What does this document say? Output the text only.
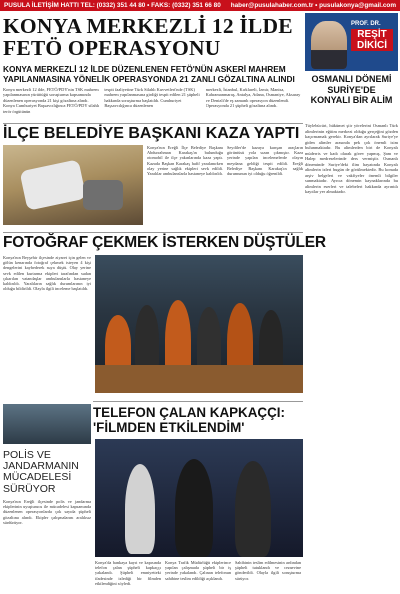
PUSULA İLETİŞİM HATTI TEL: (0332) 351 44 80 • FAKS: (0332) 351 66 80	haber@pusulahaber.com.tr • pusulakonya@gmail.com
KONYA MERKEZLİ 12 İLDE
FETÖ OPERASYONU
KONYA MERKEZLİ 12 İLDE DÜZENLENEN FETÖ'NÜN ASKERİ MAHREM
YAPILANMASINA YÖNELİK OPERASYONDA 21 ZANLI GÖZALTINA ALINDI
Konya merkezli 12 ilde, FETÖ/PDY'nin TSK mahrem yapılanmasının yürüttüğü soruşturma kapsamında düzenlenen operasyonda 21 kişi gözaltına alındı. Konya Cumhuriyet Başsavcılığınca FETÖ/PDY silahlı terör örgütünün
tespit faaliyetine Türk Silahlı Kuvvetleri'nde (TSK) mahrem yapılanmasına girdiği tespit edilen 21 şüpheli hakkında soruşturma başlatıldı. Cumhuriyet Başsavcılığınca düzenlenen
merkezli, İstanbul, Kırklareli, İzmir, Manisa, Kahramanmaraş, Antalya, Adana, Osmaniye, Aksaray ve Denizli'de eş zamanlı operasyon düzenlendi. Operasyonda 21 şüpheli gözaltına alındı.
İLÇE BELEDİYE BAŞKANI KAZA YAPTI
Konya'nın Ereğli İlçe Belediye Başkanı Abdurrahman Karakaş'ın bulunduğu otomobil ile ilçe yakınlarında kaza yaptı. Kazada Başkan Karakaş hafif yaralanırken olay yerine sağlık ekipleri sevk edildi. Yaralılar ambulanslarla hastaneye kaldırıldı.
Seydiler'de kazaya karışan araçların görüntüsü yola sızan çıkmıştır. Kaza yerinde yapılan incelemelerde olayın meydana geldiği tespit edildi. Ereğli Belediye Başkanı Karakaş'ın sağlık durumunun iyi olduğu öğrenildi.
FOTOĞRAF ÇEKMEK İSTERKEN DÜŞTÜLER
Konya'nın Beyşehir ilçesinde ziyaret için gelen ve gölün kenarında fotoğraf çekmek isteyen 4 kişi dengelerini kaybederek suya düştü. Olay yerine sevk edilen kurtarma ekipleri tarafından sudan çıkarılan vatandaşlar ambulanslarla hastaneye kaldırıldı. Yaralıların sağlık durumlarının iyi olduğu bildirildi. Olayla ilgili inceleme başlatıldı.
TELEFON ÇALAN KAPKAÇÇI:
'FİLMDEN ETKİLENDİM'
Konya'da bankaya kayıt ve kapısında telefon çalan şüpheli kapkaççı yakalandı. Şüpheli emniyetteki ifadesinde izlediği bir filmden etkilendiğini söyledi.
Konya Trafik Müdürlüğü ekiplerince yapılan çalışmada şüpheli bir iş yerinde yakalandı. Çalınan telefonun sahibine teslim edildiği açıklandı.
Sahibinin teslim edilmesinin ardından şüpheli tutuklandı ve cezaevine gönderildi. Olayla ilgili soruşturma sürüyor.
POLİS VE
JANDARMANIN
MÜCADELESİ
SÜRÜYOR
Konya'nın Ereğli ilçesinde polis ve jandarma ekiplerinin uyuşturucu ile mücadelesi kapsamında düzenlenen operasyonlarda çok sayıda şüpheli gözaltına alındı. Ekipler çalışmalarını aralıksız sürdürüyor.
PROF. DR.
REŞİT
DİKİCİ
OSMANLI DÖNEMİ
SURİYE'DE
KONYALI BİR ALİM
Tüylebücüri, hükümet şiir yörelerini Osmanlı Türk alimlerinin eğitim merkezi olduğu gerçeğini gözden kaçırmamak gerekir. Konya'dan ayrılarak Suriye'ye giden alimler arasında pek çok önemli isim bulunmaktadır. Bu alimlerden biri de Konyalı müderris ve kadı olarak görev yapmış, Şam ve Halep medreselerinde ders vermiştir. Osmanlı döneminde Suriye'deki ilim hayatında Konyalı alimlerin izleri bugün de görülmektedir. Bu konuda arşiv belgeleri ve vakfiyeler önemli bilgiler sunmaktadır. Ayrıca dönemin kaynaklarında bu alimlerin eserleri ve talebeleri hakkında ayrıntılı kayıtlar yer almaktadır.
